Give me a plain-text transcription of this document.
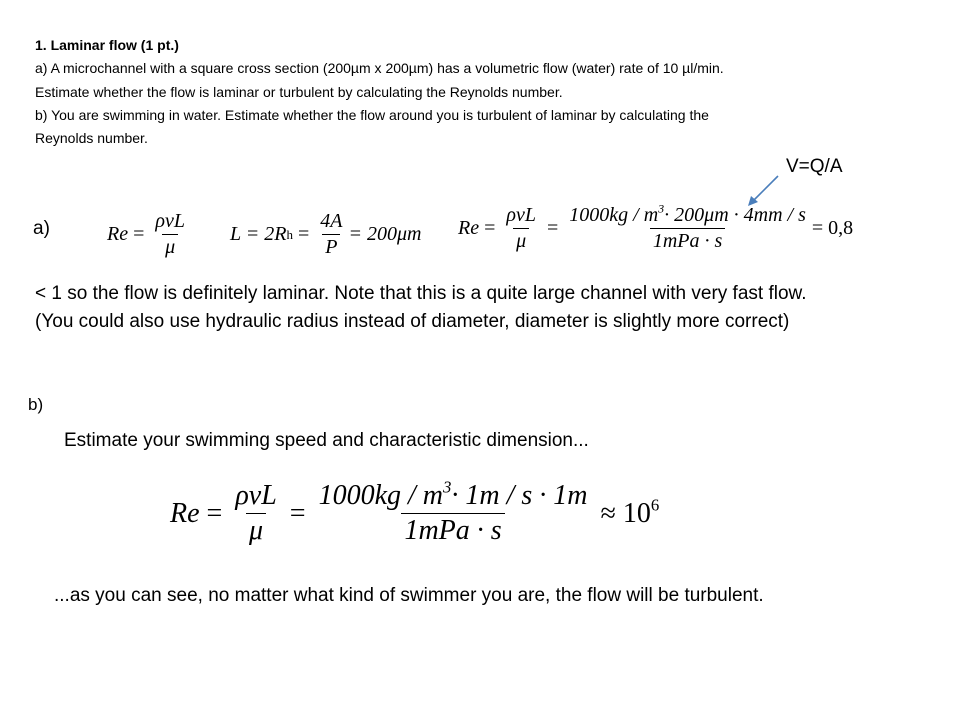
1. Laminar flow (1 pt.)
a) A microchannel with a square cross section (200µm x 200µm) has a volumetric flow (water) rate of 10 µl/min.
Estimate whether the flow is laminar or turbulent by calculating the Reynolds number.
b) You are swimming in water. Estimate whether the flow around you is turbulent of laminar by calculating the
Reynolds number.
V=Q/A
a)	$Re = \frac{\text{ρvL}}{\mu}$ L = 2R $h = \frac{4A}{P} = 200\mu m$ $Re = \frac{\text{ρvL}}{\mu} = \frac{1000kg / m^3\cdot 200\mu m \cdot 4mm / s}{\text{1mPa · s}} = 0,8$
< 1 so the flow is definitely laminar. Note that this is a quite large channel with very fast flow.
(You could also use hydraulic radius instead of diameter, diameter is slightly more correct)
b)
Estimate your swimming speed and characteristic dimension...
$Re = \frac{\text{ρvL}}{\mu} = \frac{1000kg / m^3\cdot 1m / s \cdot 1m}{\text{1mPa · s}}$
≈ $10^6$
...as you can see, no matter what kind of swimmer you are, the flow will be turbulent.
